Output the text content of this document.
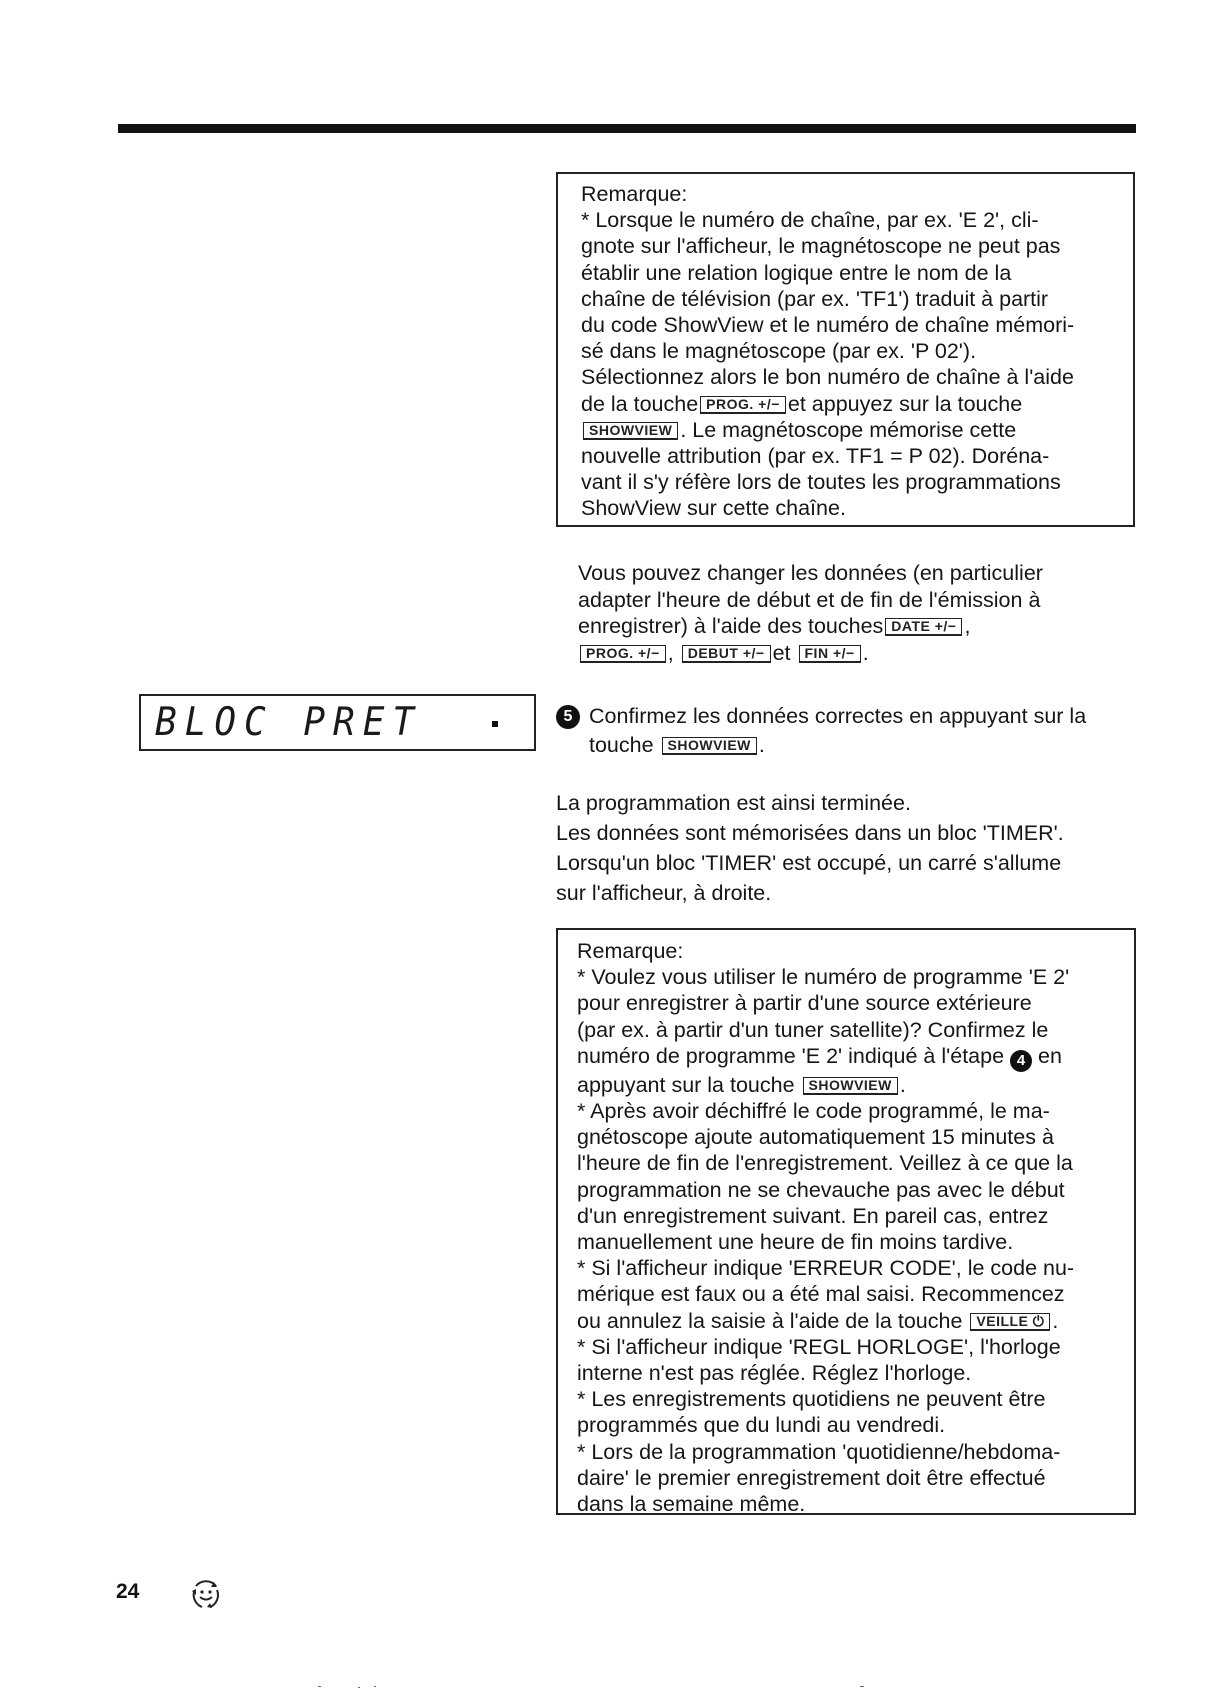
Remarque:

* Lorsque le numéro de chaîne, par ex. 'E 2', cli-

gnote sur l'afficheur, le magnétoscope ne peut pas

établir une relation logique entre le nom de la

chaîne de télévision (par ex. 'TF1') traduit à partir

du code ShowView et le numéro de chaîne mémori-

sé dans le magnétoscope (par ex. 'P 02').

Sélectionnez alors le bon numéro de chaîne à l'aide

de la touche PROG. +/− et appuyez sur la touche

SHOWVIEW . Le magnétoscope mémorise cette

nouvelle attribution (par ex. TF1 = P 02). Doréna-

vant il s'y réfère lors de toutes les programmations

ShowView sur cette chaîne.

Vous pouvez changer les données (en particulier
adapter l'heure de début et de fin de l'émission à
enregistrer) à l'aide des touches DATE +/− ,
PROG. +/− , DEBUT +/− et FIN +/− .
BLOC PRET	5 Confirmez les données correctes en appuyant sur la
touche SHOWVIEW .
La programmation est ainsi terminée.
Les données sont mémorisées dans un bloc 'TIMER'.
Lorsqu'un bloc 'TIMER' est occupé, un carré s'allume
sur l'afficheur, à droite.

Remarque:

* Voulez vous utiliser le numéro de programme 'E 2'

pour enregistrer à partir d'une source extérieure

(par ex. à partir d'un tuner satellite)? Confirmez le

numéro de programme 'E 2' indiqué à l'étape 4 en

appuyant sur la touche SHOWVIEW .

* Après avoir déchiffré le code programmé, le ma-

gnétoscope ajoute automatiquement 15 minutes à

l'heure de fin de l'enregistrement. Veillez à ce que la

programmation ne se chevauche pas avec le début

d'un enregistrement suivant. En pareil cas, entrez

manuellement une heure de fin moins tardive.

* Si l'afficheur indique 'ERREUR CODE', le code nu-

mérique est faux ou a été mal saisi. Recommencez

ou annulez la saisie à l'aide de la touche VEILLE ⏻ .

* Si l'afficheur indique 'REGL HORLOGE', l'horloge

interne n'est pas réglée. Réglez l'horloge.

* Les enregistrements quotidiens ne peuvent être

programmés que du lundi au vendredi.

* Lors de la programmation 'quotidienne/hebdoma-

daire' le premier enregistrement doit être effectué

dans la semaine même.

24
